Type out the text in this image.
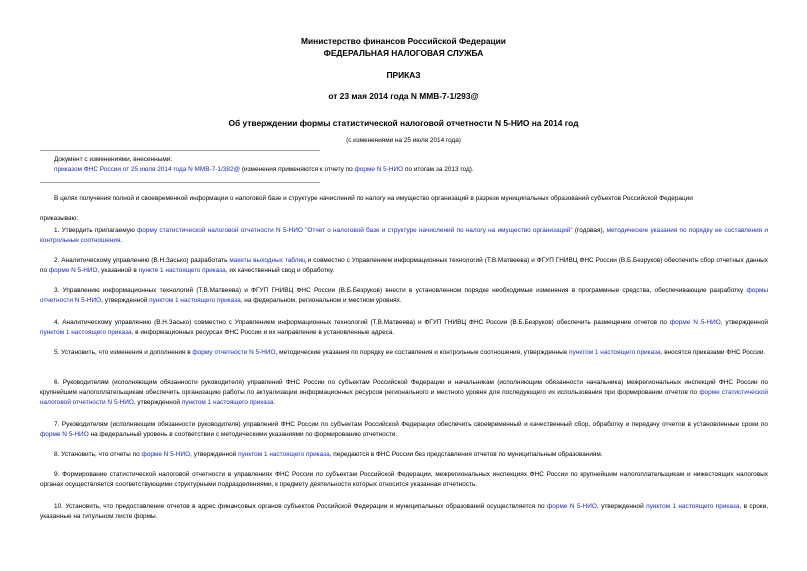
Министерство финансов Российской Федерации
ФЕДЕРАЛЬНАЯ НАЛОГОВАЯ СЛУЖБА
ПРИКАЗ
от 23 мая 2014 года N ММВ-7-1/293@
Об утверждении формы статистической налоговой отчетности N 5-НИО на 2014 год
(с изменениями на 25 июля 2014 года)
Документ с изменениями, внесенными:
приказом ФНС России от 25 июля 2014 года N ММВ-7-1/382@ (изменения применяются к отчету по форме N 5-НИО по итогам за 2013 год).
В целях получения полной и своевременной информации о налоговой базе и структуре начислений по налогу на имущество организаций в разрезе муниципальных образований субъектов Российской Федерации
приказываю:
1. Утвердить прилагаемую форму статистической налоговой отчетности N 5-НИО "Отчет о налоговой базе и структуре начислений по налогу на имущество организаций" (годовая), методические указания по порядку ее составления и контрольные соотношения.
2. Аналитическому управлению (В.Н.Засько) разработать макеты выходных таблиц и совместно с Управлением информационных технологий (Т.В.Матвеева) и ФГУП ГНИВЦ ФНС России (В.Б.Безруков) обеспечить сбор отчетных данных по форме N 5-НИО, указанной в пункте 1 настоящего приказа, их качественный свод и обработку.
3. Управлению информационных технологий (Т.В.Матвеева) и ФГУП ГНИВЦ ФНС России (В.Б.Безруков) внести в установленном порядке необходимые изменения в программные средства, обеспечивающие разработку формы отчетности N 5-НИО, утвержденной пунктом 1 настоящего приказа, на федеральном, региональном и местном уровнях.
4. Аналитическому управлению (В.Н.Засько) совместно с Управлением информационных технологий (Т.В.Матвеева) и ФГУП ГНИВЦ ФНС России (В.Б.Безруков) обеспечить размещение отчетов по форме N 5-НИО, утвержденной пунктом 1 настоящего приказа, в информационных ресурсах ФНС России и их направление в установленные адреса.
5. Установить, что изменения и дополнения в форму отчетности N 5-НИО, методические указания по порядку ее составления и контрольные соотношения, утвержденные пунктом 1 настоящего приказа, вносятся приказами ФНС России.
6. Руководителям (исполняющим обязанности руководителя) управлений ФНС России по субъектам Российской Федерации и начальникам (исполняющим обязанности начальника) межрегиональных инспекций ФНС России по крупнейшим налогоплательщикам обеспечить организацию работы по актуализации информационных ресурсов регионального и местного уровня для последующего их использования при формировании отчетов по форме статистической налоговой отчетности N 5-НИО, утвержденной пунктом 1 настоящего приказа.
7. Руководителям (исполняющим обязанности руководителя) управлений ФНС России по субъектам Российской Федерации обеспечить своевременный и качественный сбор, обработку и передачу отчетов в установленные сроки по форме N 5-НИО на федеральный уровень в соответствии с методическими указаниями по формированию отчетности.
8. Установить, что отчеты по форме N 5-НИО, утвержденной пунктом 1 настоящего приказа, передаются в ФНС России без представления отчетов по муниципальным образованиям.
9. Формирование статистической налоговой отчетности в управлениях ФНС России по субъектам Российской Федерации, межрегиональных инспекциях ФНС России по крупнейшим налогоплательщикам и нижестоящих налоговых органах осуществляется соответствующими структурными подразделениями, к предмету деятельности которых относится указанная отчетность.
10. Установить, что предоставление отчетов в адрес финансовых органов субъектов Российской Федерации и муниципальных образований осуществляется по форме N 5-НИО, утвержденной пунктом 1 настоящего приказа, в сроки, указанные на титульном листе формы.
